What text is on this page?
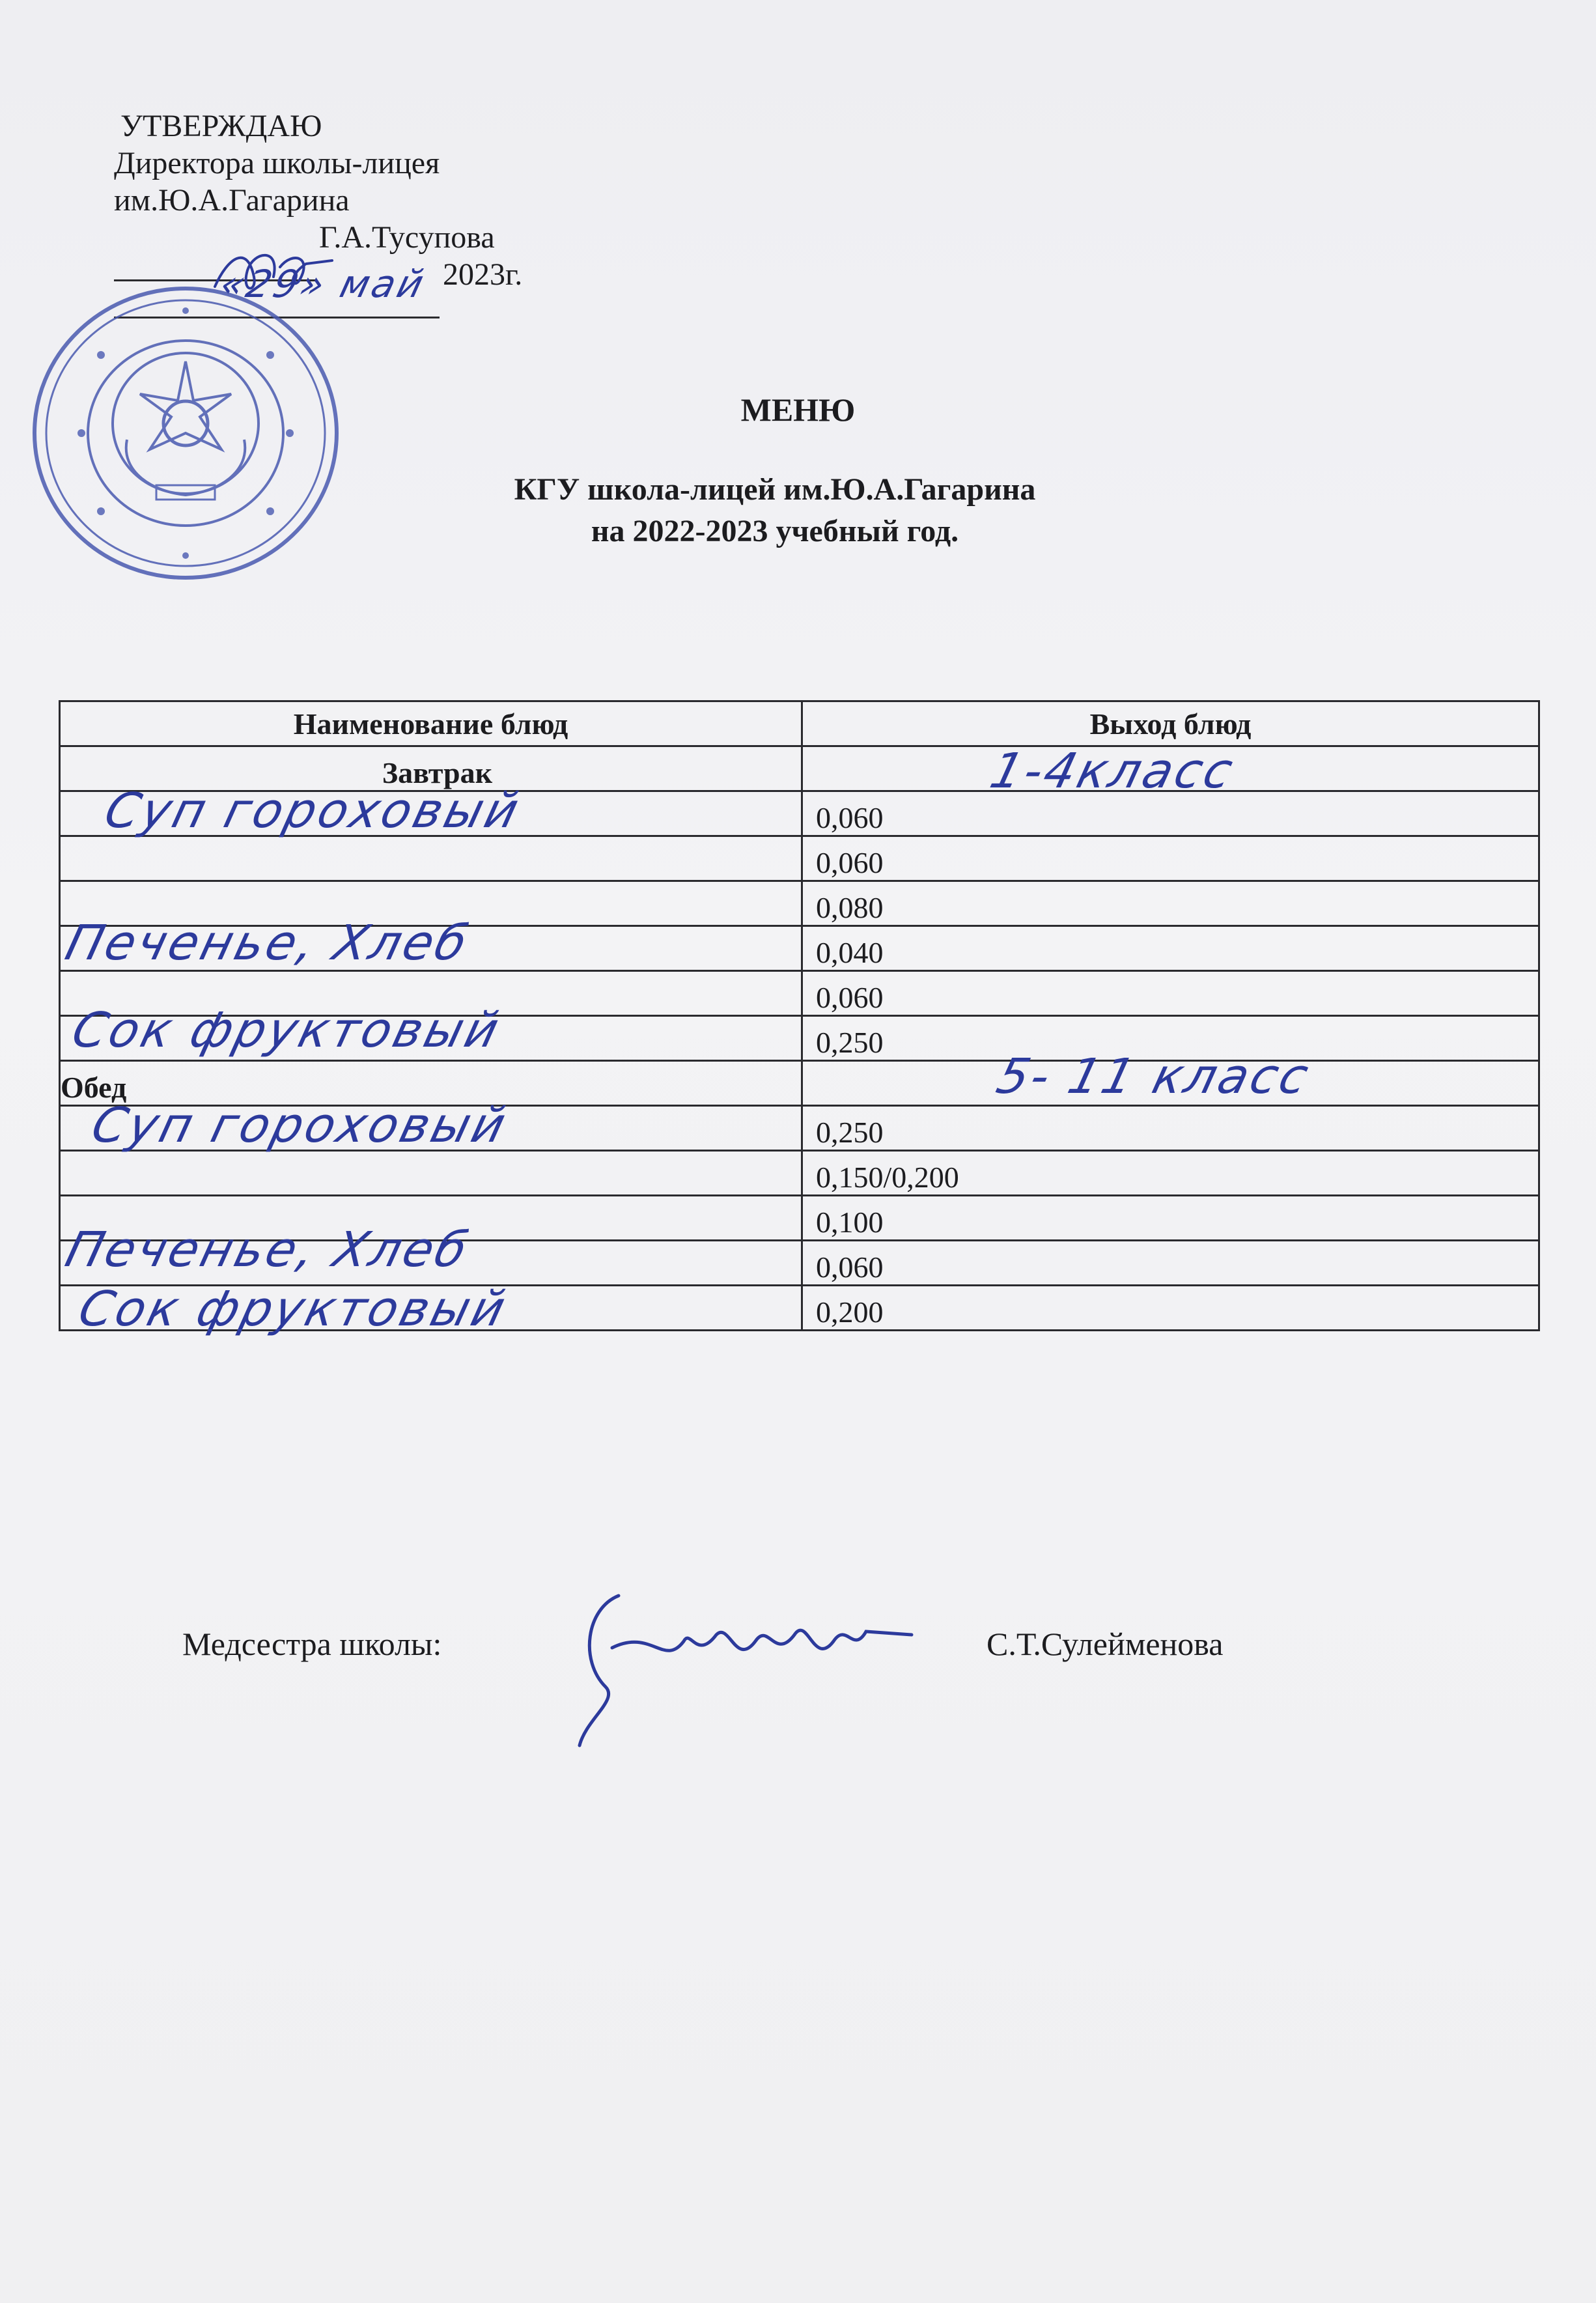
УТВЕРЖДАЮ
Директора школы-лицея
им.Ю.А.Гагарина
Г.А.Тусупова
2023г.
«29» май
МЕНЮ
КГУ школа-лицей им.Ю.А.Гагарина
на 2022-2023 учебный год.
Наименование блюд	Выход блюд

Завтрак	1-4класс

Суп гороховый	0,060
	0,060
	0,080

Печенье, Хлеб	0,040
	0,060

Сок фруктовый	0,250

Обед	5- 11 класс

Суп гороховый	0,250
	0,150/0,200
	0,100

Печенье, Хлеб	0,060

Сок фруктовый	0,200
Медсестра школы:	С.Т.Сулейменова
